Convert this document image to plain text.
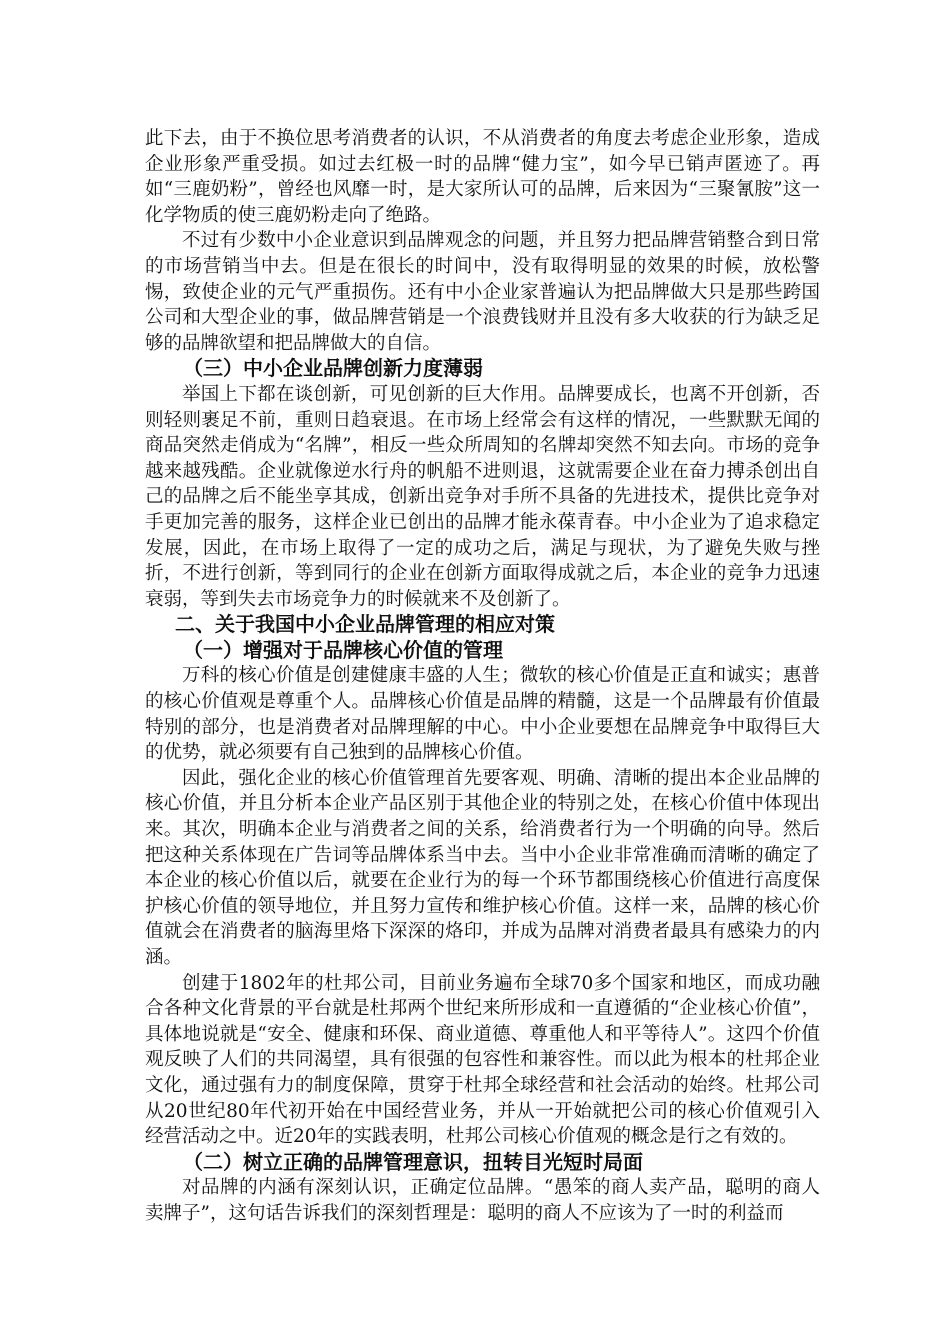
此下去，由于不换位思考消费者的认识，不从消费者的角度去考虑企业形象，造成企业形象严重受损。如过去红极一时的品牌“健力宝”，如今早已销声匿迹了。再如“三鹿奶粉”，曾经也风靡一时，是大家所认可的品牌，后来因为“三聚氰胺”这一化学物质的使三鹿奶粉走向了绝路。

不过有少数中小企业意识到品牌观念的问题，并且努力把品牌营销整合到日常的市场营销当中去。但是在很长的时间中，没有取得明显的效果的时候，放松警惕，致使企业的元气严重损伤。还有中小企业家普遍认为把品牌做大只是那些跨国公司和大型企业的事，做品牌营销是一个浪费钱财并且没有多大收获的行为缺乏足够的品牌欲望和把品牌做大的自信。

（三）中小企业品牌创新力度薄弱

举国上下都在谈创新，可见创新的巨大作用。品牌要成长，也离不开创新，否则轻则裹足不前，重则日趋衰退。在市场上经常会有这样的情况，一些默默无闻的商品突然走俏成为“名牌”，相反一些众所周知的名牌却突然不知去向。市场的竞争越来越残酷。企业就像逆水行舟的帆船不进则退，这就需要企业在奋力搏杀创出自己的品牌之后不能坐享其成，创新出竞争对手所不具备的先进技术，提供比竞争对手更加完善的服务，这样企业已创出的品牌才能永葆青春。中小企业为了追求稳定发展，因此，在市场上取得了一定的成功之后，满足与现状，为了避免失败与挫折，不进行创新，等到同行的企业在创新方面取得成就之后，本企业的竞争力迅速衰弱，等到失去市场竞争力的时候就来不及创新了。

二、关于我国中小企业品牌管理的相应对策

（一）增强对于品牌核心价值的管理

万科的核心价值是创建健康丰盛的人生；微软的核心价值是正直和诚实；惠普的核心价值观是尊重个人。品牌核心价值是品牌的精髓，这是一个品牌最有价值最特别的部分，也是消费者对品牌理解的中心。中小企业要想在品牌竞争中取得巨大的优势，就必须要有自己独到的品牌核心价值。

因此，强化企业的核心价值管理首先要客观、明确、清晰的提出本企业品牌的核心价值，并且分析本企业产品区别于其他企业的特别之处，在核心价值中体现出来。其次，明确本企业与消费者之间的关系，给消费者行为一个明确的向导。然后把这种关系体现在广告词等品牌体系当中去。当中小企业非常准确而清晰的确定了本企业的核心价值以后，就要在企业行为的每一个环节都围绕核心价值进行高度保护核心价值的领导地位，并且努力宣传和维护核心价值。这样一来，品牌的核心价值就会在消费者的脑海里烙下深深的烙印，并成为品牌对消费者最具有感染力的内涵。

创建于1802年的杜邦公司，目前业务遍布全球70多个国家和地区，而成功融合各种文化背景的平台就是杜邦两个世纪来所形成和一直遵循的“企业核心价值”，具体地说就是“安全、健康和环保、商业道德、尊重他人和平等待人”。这四个价值观反映了人们的共同渴望，具有很强的包容性和兼容性。而以此为根本的杜邦企业文化，通过强有力的制度保障，贯穿于杜邦全球经营和社会活动的始终。杜邦公司从20世纪80年代初开始在中国经营业务，并从一开始就把公司的核心价值观引入经营活动之中。近20年的实践表明，杜邦公司核心价值观的概念是行之有效的。

（二）树立正确的品牌管理意识，扭转目光短时局面

对品牌的内涵有深刻认识，正确定位品牌。“愚笨的商人卖产品，聪明的商人卖牌子”，这句话告诉我们的深刻哲理是：聪明的商人不应该为了一时的利益而
